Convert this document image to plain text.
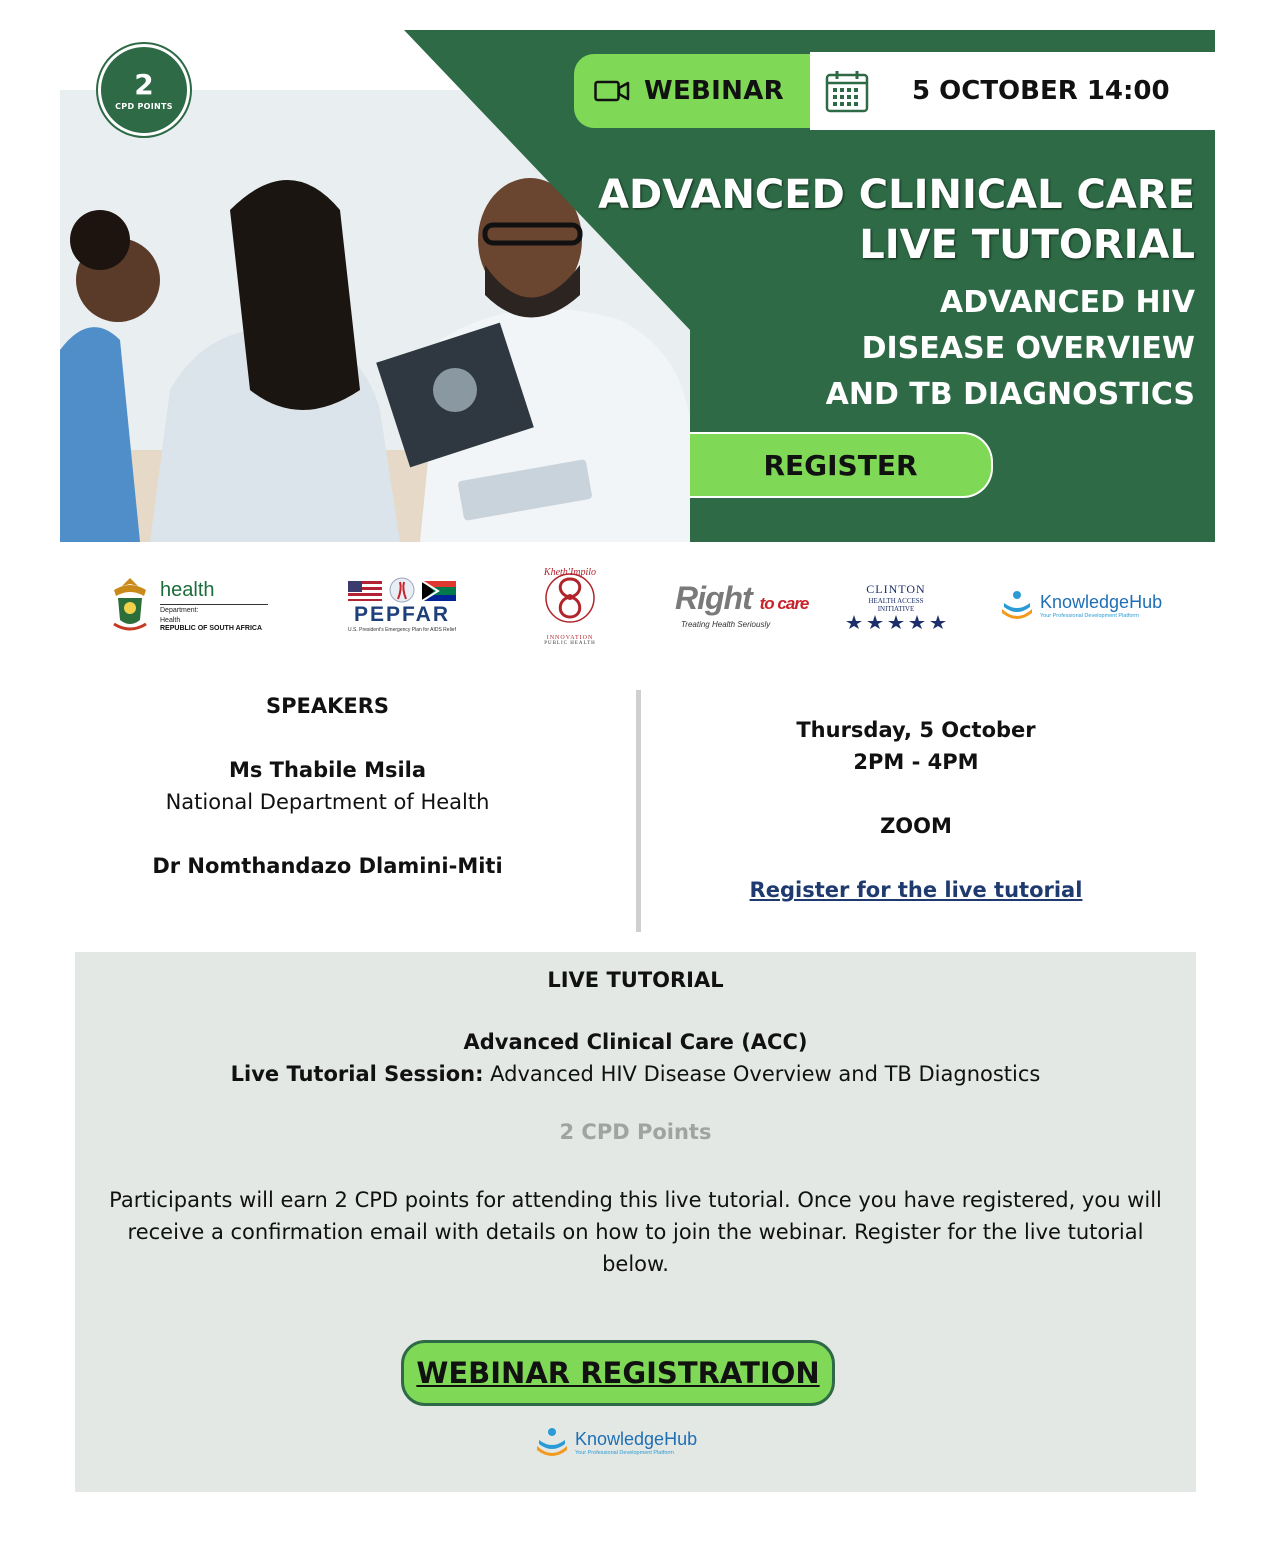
2
CPD POINTS	WEBINAR	5 OCTOBER 14:00
ADVANCED CLINICAL CARE
LIVE TUTORIAL
ADVANCED HIV
DISEASE OVERVIEW
AND TB DIAGNOSTICS
REGISTER
health
Department:
Health
REPUBLIC OF SOUTH AFRICA
PEPFAR
U.S. President's Emergency Plan for AIDS Relief
Kheth'Impilo
INNOVATION
PUBLIC HEALTH
Right to care
Treating Health Seriously
CLINTON
HEALTH ACCESS
INITIATIVE	KnowledgeHub
Your Professional Development Platform
SPEAKERS
Ms Thabile Msila
National Department of Health
Dr Nomthandazo Dlamini-Miti
Thursday, 5 October
2PM - 4PM
ZOOM
Register for the live tutorial
LIVE TUTORIAL
Advanced Clinical Care (ACC)
Live Tutorial Session: Advanced HIV Disease Overview and TB Diagnostics
2 CPD Points
Participants will earn 2 CPD points for attending this live tutorial. Once you have registered, you will receive a confirmation email with details on how to join the webinar. Register for the live tutorial below.
WEBINAR REGISTRATION
KnowledgeHub
Your Professional Development Platform
